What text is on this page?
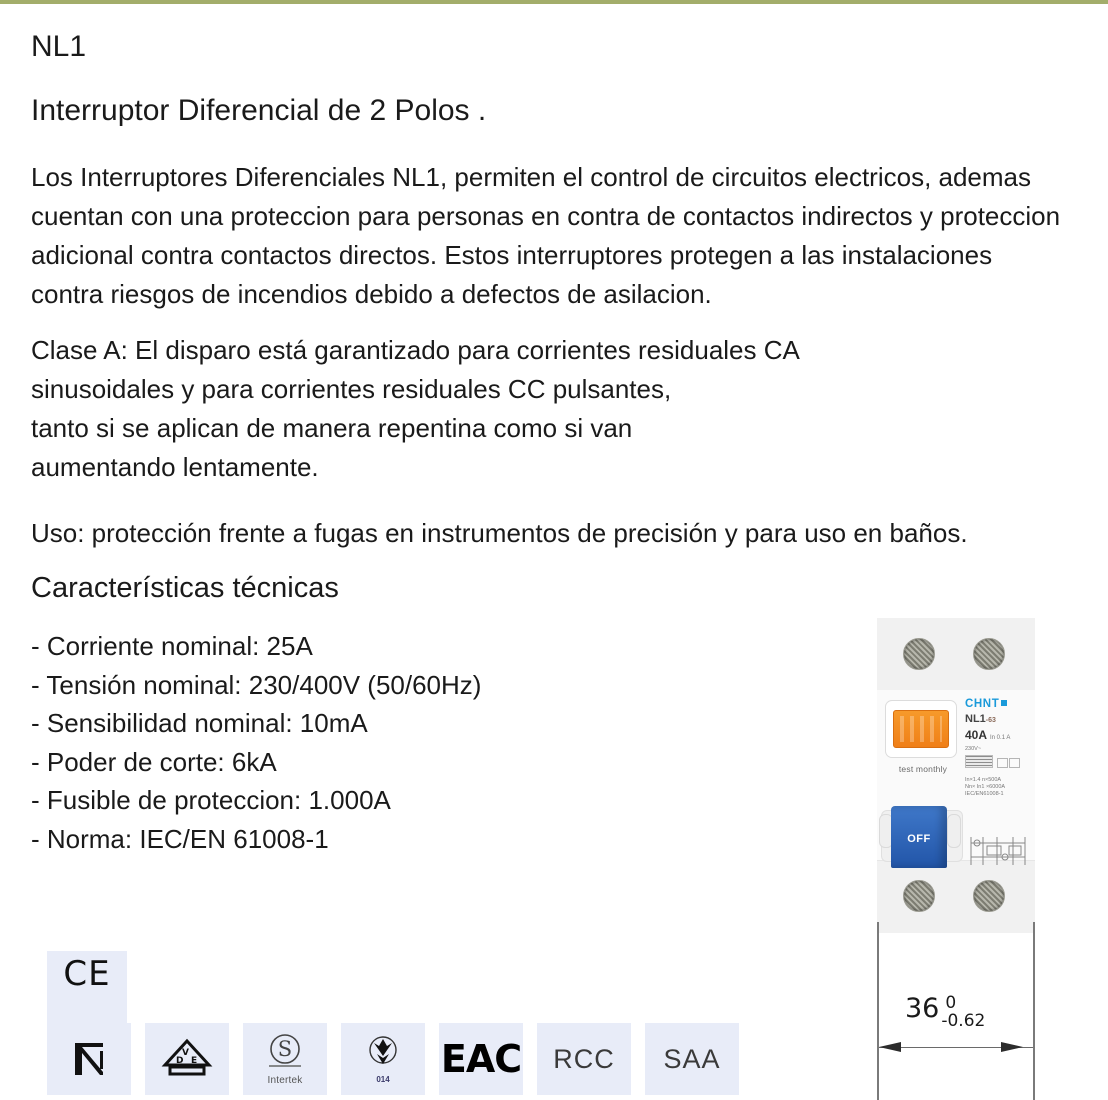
NL1
Interruptor Diferencial de 2 Polos .

Los Interruptores Diferenciales NL1, permiten el control de circuitos electricos, ademas cuentan con una proteccion para personas en contra de contactos indirectos y proteccion adicional contra contactos directos. Estos interruptores protegen a las instalaciones contra riesgos de incendios debido a defectos de asilacion.

Clase A: El disparo está garantizado para corrientes residuales CA
sinusoidales y para corrientes residuales CC pulsantes,
tanto si se aplican de manera repentina como si van
aumentando lentamente.

Uso: protección frente a fugas en instrumentos de precisión y para uso en baños.

Características técnicas
- Corriente nominal: 25A
- Tensión nominal: 230/400V (50/60Hz)
- Sensibilidad nominal: 10mA
- Poder de corte: 6kA
- Fusible de proteccion: 1.000A
- Norma: IEC/EN 61008-1
CE
V
D E	S
Intertek	014 EAC RCC SAA
test monthly
CHNT
NL1-63
40A In 0.1 A
230V~
In×1.4 n×500A
Nn× In1 ×6000A
IEC/EN61008-1
OFF
36 0
-0.62
